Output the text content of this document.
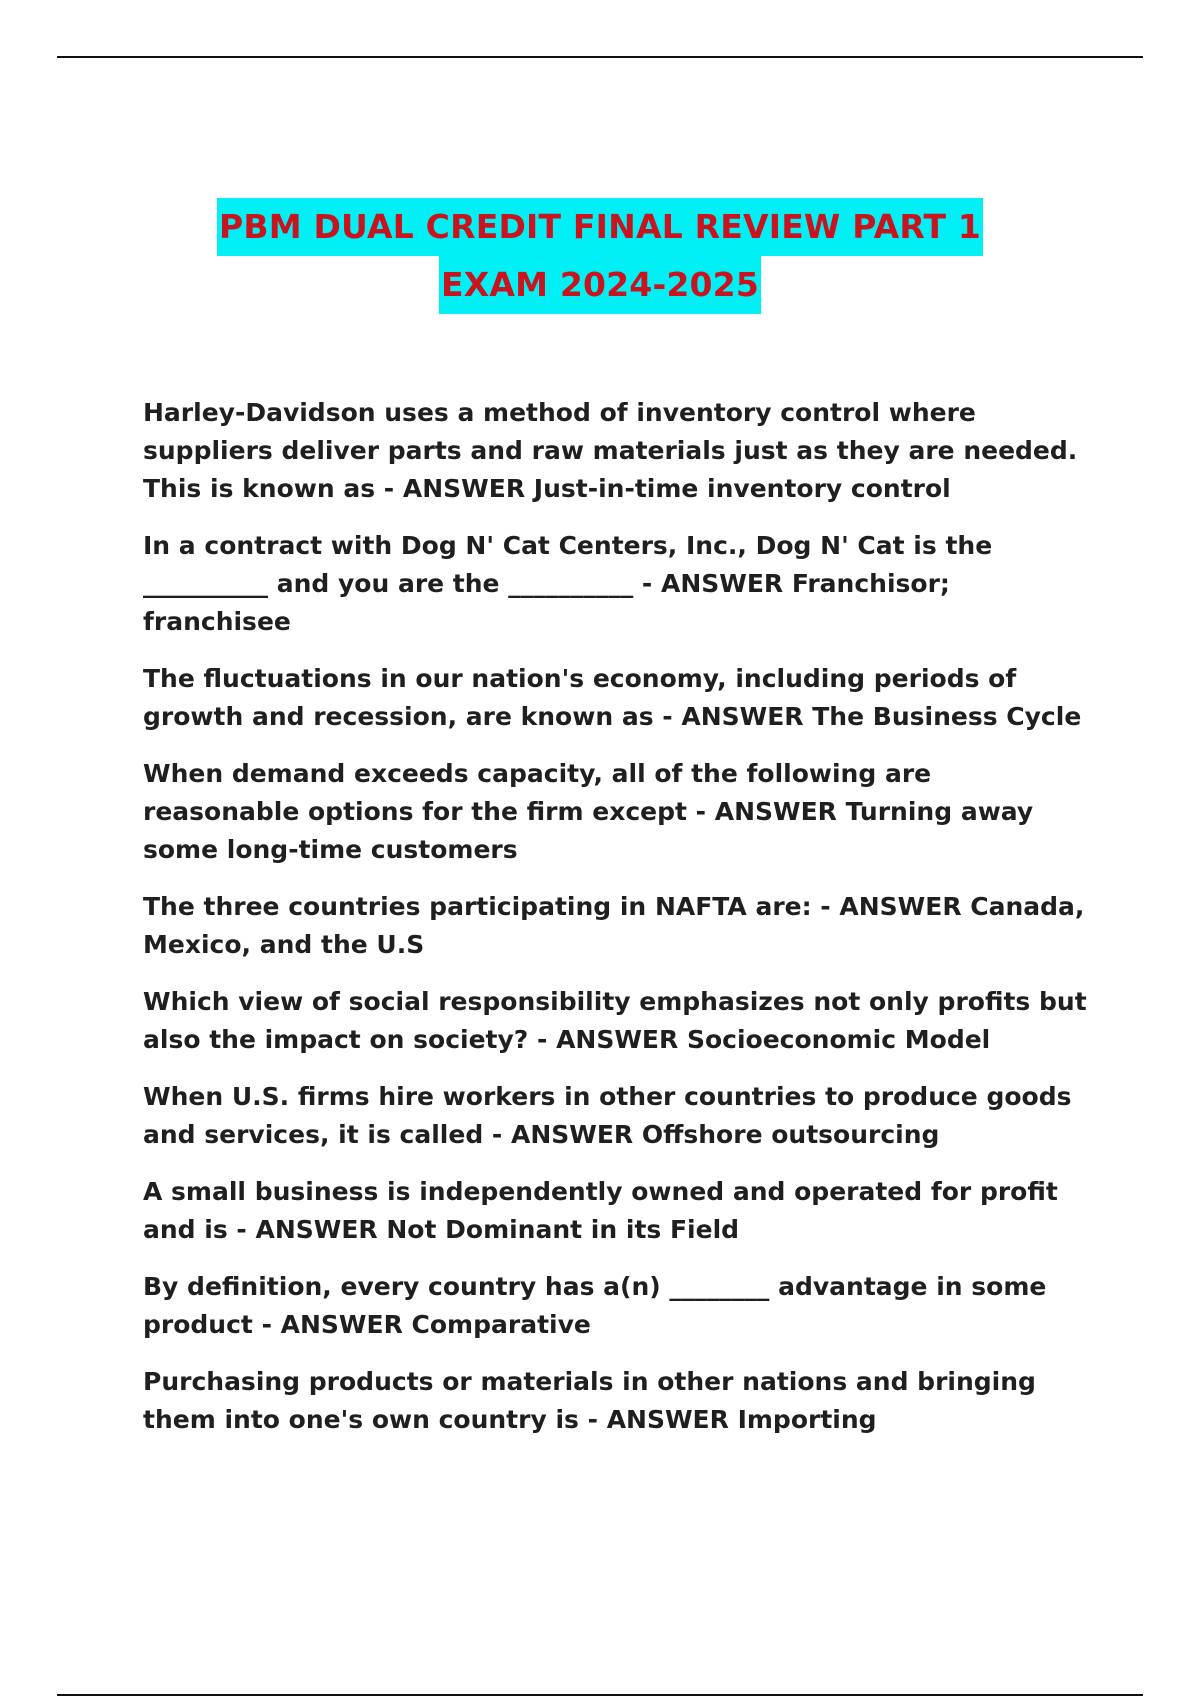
PBM DUAL CREDIT FINAL REVIEW PART 1
EXAM 2024-2025
Harley-Davidson uses a method of inventory control where suppliers deliver parts and raw materials just as they are needed. This is known as - ANSWER Just-in-time inventory control
In a contract with Dog N' Cat Centers, Inc., Dog N' Cat is the __________ and you are the __________ - ANSWER Franchisor; franchisee
The fluctuations in our nation's economy, including periods of growth and recession, are known as - ANSWER The Business Cycle
When demand exceeds capacity, all of the following are reasonable options for the firm except - ANSWER Turning away some long-time customers
The three countries participating in NAFTA are: - ANSWER Canada, Mexico, and the U.S
Which view of social responsibility emphasizes not only profits but also the impact on society? - ANSWER Socioeconomic Model
When U.S. firms hire workers in other countries to produce goods and services, it is called - ANSWER Offshore outsourcing
A small business is independently owned and operated for profit and is - ANSWER Not Dominant in its Field
By definition, every country has a(n) ________ advantage in some product - ANSWER Comparative
Purchasing products or materials in other nations and bringing them into one's own country is - ANSWER Importing
